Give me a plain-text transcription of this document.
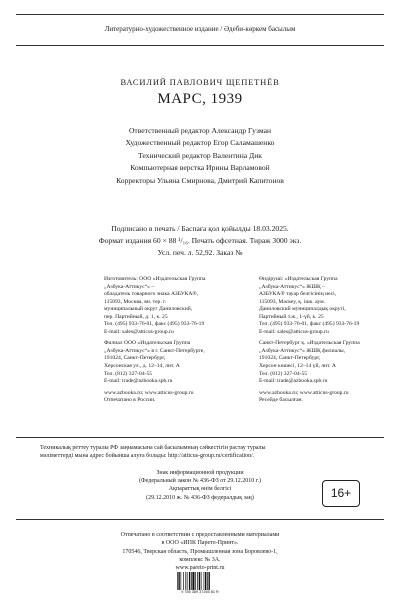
Литературно-художественное издание / Әдеби-көркем басылым
ВАСИЛИЙ ПАВЛОВИЧ ЩЕПЕТНЁВ
МАРС, 1939
Ответственный редактор Александр Гузман
Художественный редактор Егор Саламашенко
Технический редактор Валентина Дик
Компьютерная верстка Ирины Варламовой
Корректоры Ульяна Смирнова, Дмитрий Капитонов
Подписано в печать / Баспаға қол қойылды 18.03.2025.
Формат издания 60 × 88 ¹/₁₆. Печать офсетная. Тираж 3000 экз.
Усл. печ. л. 52,92. Заказ №
Изготовитель: ООО «Издательская Группа
„Азбука-Аттикус“» –
обладатель товарного знака АЗБУКА®,
115093, Москва, вн. тер. г.
муниципальный округ Даниловский,
пер. Партийный, д. 1, к. 25
Тел. (495) 933-76-01, факс (495) 933-76-19
E-mail: sales@atticus-group.ru
Филиал ООО «Издательская Группа
„Азбука-Аттикус“» в г. Санкт-Петербурге,
191024, Санкт-Петербург,
Херсонская ул., д. 12–14, лит. А
Тел. (812) 327-04-55
E-mail: trade@azbooka.spb.ru
www.azbooka.ru; www.atticus-group.ru
Отпечатано в России.
Өндіруші: «Издательская Группа
„Азбука-Аттикус“» ЖШҚ –
АЗБУКА® тауар белгісінің иесі,
115093, Мәскеу, қ. ішк. аум.
Даниловский муниципалдық округі,
Партийный т.ж., 1-үй, к. 25
Тел. (495) 933-76-01, факс (495) 933-76-19
E-mail: sales@atticus-group.ru
Санкт-Петербург қ. «Издательская Группа
„Азбука-Аттикус“» ЖШҚ филиалы,
191024, Санкт-Петербург,
Херсон көшесі, 12–14 үй, лит. А
Тел. (812) 327-04-55
E-mail: trade@azbooka.spb.ru
www.azbooka.ru; www.atticus-group.ru
Ресейде басылған.
Техникалық реттеу туралы РФ заңнамасына сай басылымның сәйкестігін растау туралы
мәліметтерді мына адрес бойынша алуға болады: http://atticus-group.ru/certification/.
Знак информационной продукции
(Федеральный закон № 436-ФЗ от 29.12.2010 г.)
Ақпараттық өнім белгісі
(29.12.2010 ж. № 436-ФЗ федералдық заң)	16+
Отпечатано в соответствии с предоставленными материалами
в ООО «ИПК Парето-Принт».
170546, Тверская область, Промышленная зона Боровлево-1,
комплекс № 3А.
www.pareto-print.ru
9 785 389 37265 81 R
